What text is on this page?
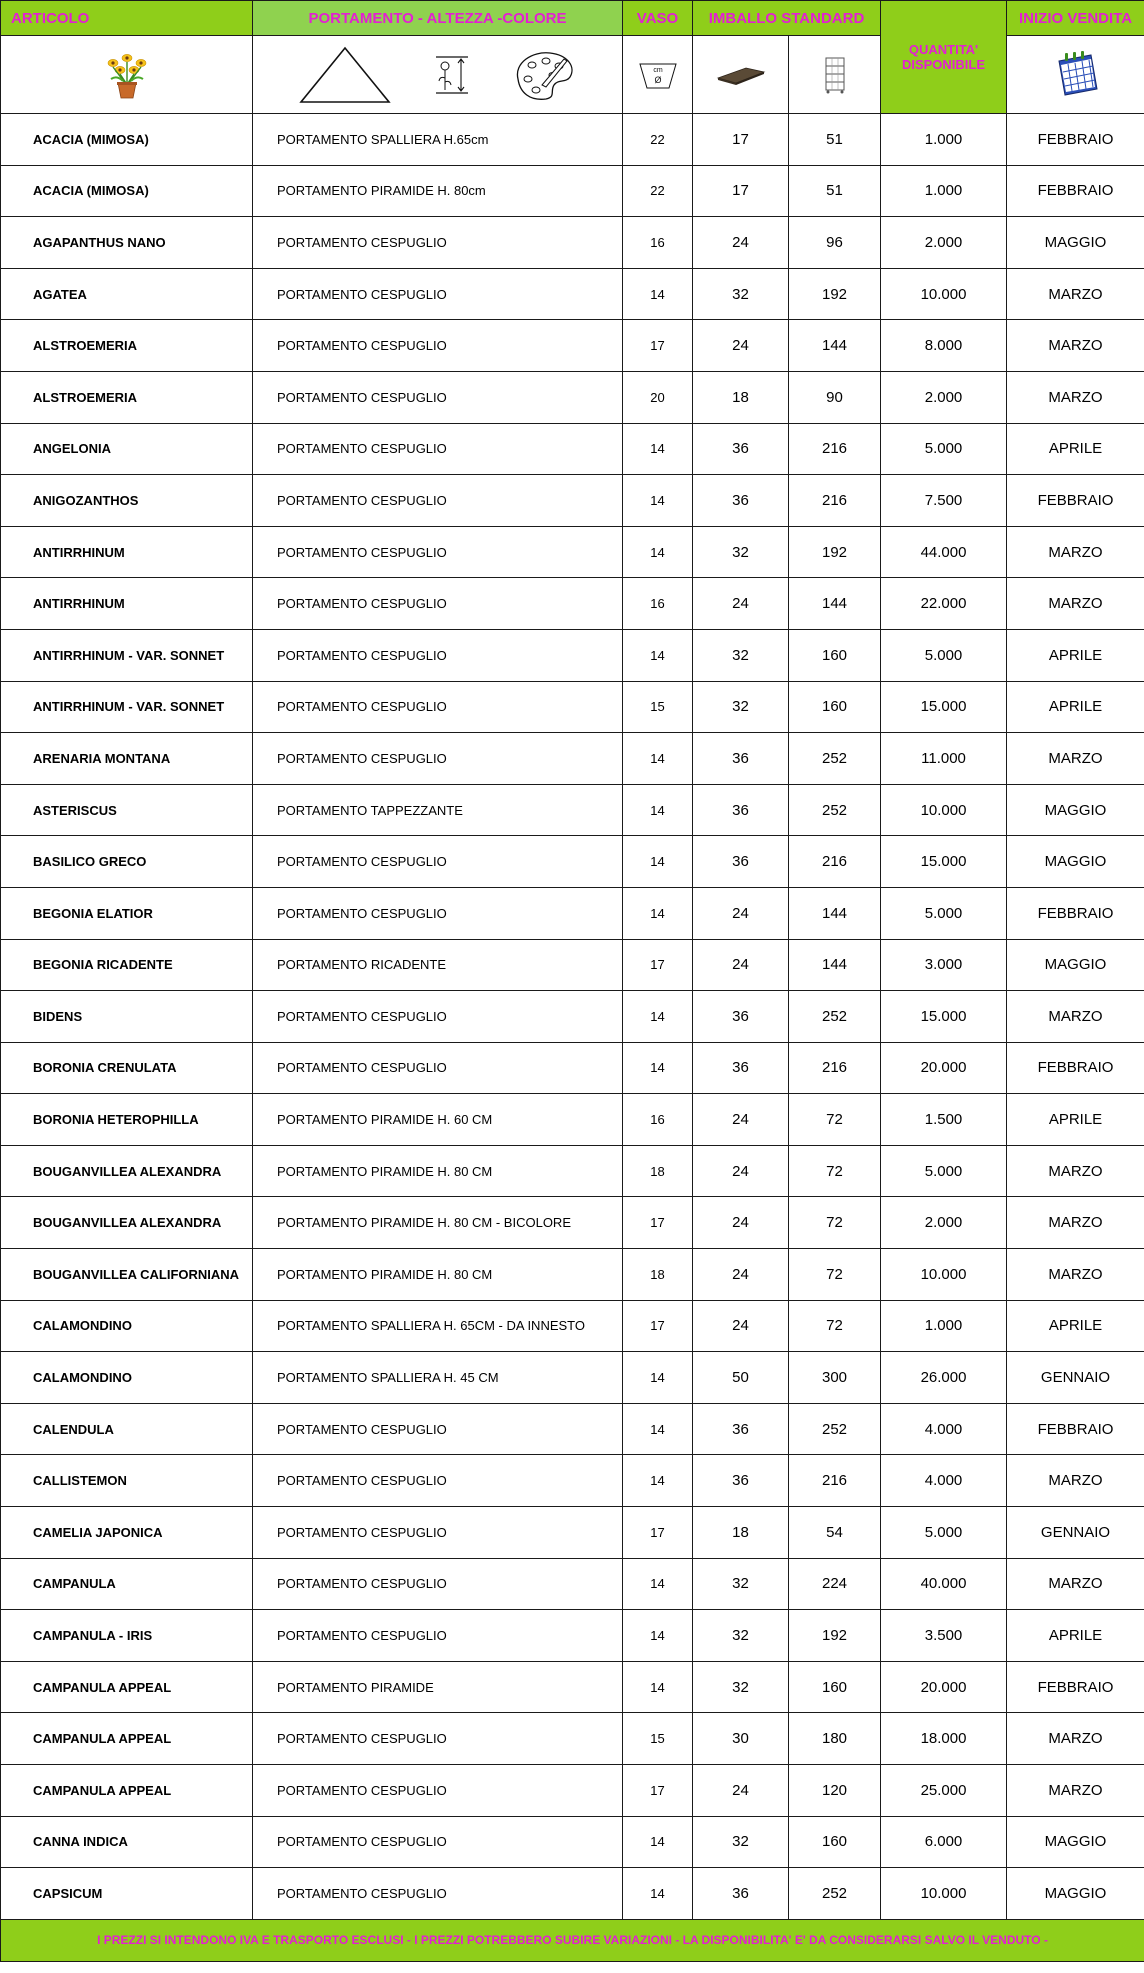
ARTICOLO	PORTAMENTO - ALTEZZA -COLORE	VASO	IMBALLO STANDARD		QUANTITA' DISPONIBILE	INIZIO VENDITA

cm
Ø

ACACIA (MIMOSA)	PORTAMENTO SPALLIERA H.65cm	22	17	51	1.000	FEBBRAIO
ACACIA (MIMOSA)	PORTAMENTO PIRAMIDE H. 80cm	22	17	51	1.000	FEBBRAIO
AGAPANTHUS NANO	PORTAMENTO CESPUGLIO	16	24	96	2.000	MAGGIO
AGATEA	PORTAMENTO CESPUGLIO	14	32	192	10.000	MARZO
ALSTROEMERIA	PORTAMENTO CESPUGLIO	17	24	144	8.000	MARZO
ALSTROEMERIA	PORTAMENTO CESPUGLIO	20	18	90	2.000	MARZO
ANGELONIA	PORTAMENTO CESPUGLIO	14	36	216	5.000	APRILE
ANIGOZANTHOS	PORTAMENTO CESPUGLIO	14	36	216	7.500	FEBBRAIO
ANTIRRHINUM	PORTAMENTO CESPUGLIO	14	32	192	44.000	MARZO
ANTIRRHINUM	PORTAMENTO CESPUGLIO	16	24	144	22.000	MARZO
ANTIRRHINUM - VAR. SONNET	PORTAMENTO CESPUGLIO	14	32	160	5.000	APRILE
ANTIRRHINUM - VAR. SONNET	PORTAMENTO CESPUGLIO	15	32	160	15.000	APRILE
ARENARIA MONTANA	PORTAMENTO CESPUGLIO	14	36	252	11.000	MARZO
ASTERISCUS	PORTAMENTO TAPPEZZANTE	14	36	252	10.000	MAGGIO
BASILICO GRECO	PORTAMENTO CESPUGLIO	14	36	216	15.000	MAGGIO
BEGONIA ELATIOR	PORTAMENTO CESPUGLIO	14	24	144	5.000	FEBBRAIO
BEGONIA RICADENTE	PORTAMENTO RICADENTE	17	24	144	3.000	MAGGIO
BIDENS	PORTAMENTO CESPUGLIO	14	36	252	15.000	MARZO
BORONIA CRENULATA	PORTAMENTO CESPUGLIO	14	36	216	20.000	FEBBRAIO
BORONIA HETEROPHILLA	PORTAMENTO PIRAMIDE H. 60 CM	16	24	72	1.500	APRILE
BOUGANVILLEA ALEXANDRA	PORTAMENTO PIRAMIDE H. 80 CM	18	24	72	5.000	MARZO
BOUGANVILLEA ALEXANDRA	PORTAMENTO PIRAMIDE H. 80 CM - BICOLORE	17	24	72	2.000	MARZO
BOUGANVILLEA CALIFORNIANA	PORTAMENTO PIRAMIDE H. 80 CM	18	24	72	10.000	MARZO
CALAMONDINO	PORTAMENTO SPALLIERA H. 65CM - DA INNESTO	17	24	72	1.000	APRILE
CALAMONDINO	PORTAMENTO SPALLIERA H. 45 CM	14	50	300	26.000	GENNAIO
CALENDULA	PORTAMENTO CESPUGLIO	14	36	252	4.000	FEBBRAIO
CALLISTEMON	PORTAMENTO CESPUGLIO	14	36	216	4.000	MARZO
CAMELIA JAPONICA	PORTAMENTO CESPUGLIO	17	18	54	5.000	GENNAIO
CAMPANULA	PORTAMENTO CESPUGLIO	14	32	224	40.000	MARZO
CAMPANULA - IRIS	PORTAMENTO CESPUGLIO	14	32	192	3.500	APRILE
CAMPANULA APPEAL	PORTAMENTO PIRAMIDE	14	32	160	20.000	FEBBRAIO
CAMPANULA APPEAL	PORTAMENTO CESPUGLIO	15	30	180	18.000	MARZO
CAMPANULA APPEAL	PORTAMENTO CESPUGLIO	17	24	120	25.000	MARZO
CANNA INDICA	PORTAMENTO CESPUGLIO	14	32	160	6.000	MAGGIO
CAPSICUM	PORTAMENTO CESPUGLIO	14	36	252	10.000	MAGGIO
I PREZZI SI INTENDONO IVA E TRASPORTO ESCLUSI - I PREZZI POTREBBERO SUBIRE VARIAZIONI - LA DISPONIBILITA' E' DA CONSIDERARSI SALVO IL VENDUTO -						
